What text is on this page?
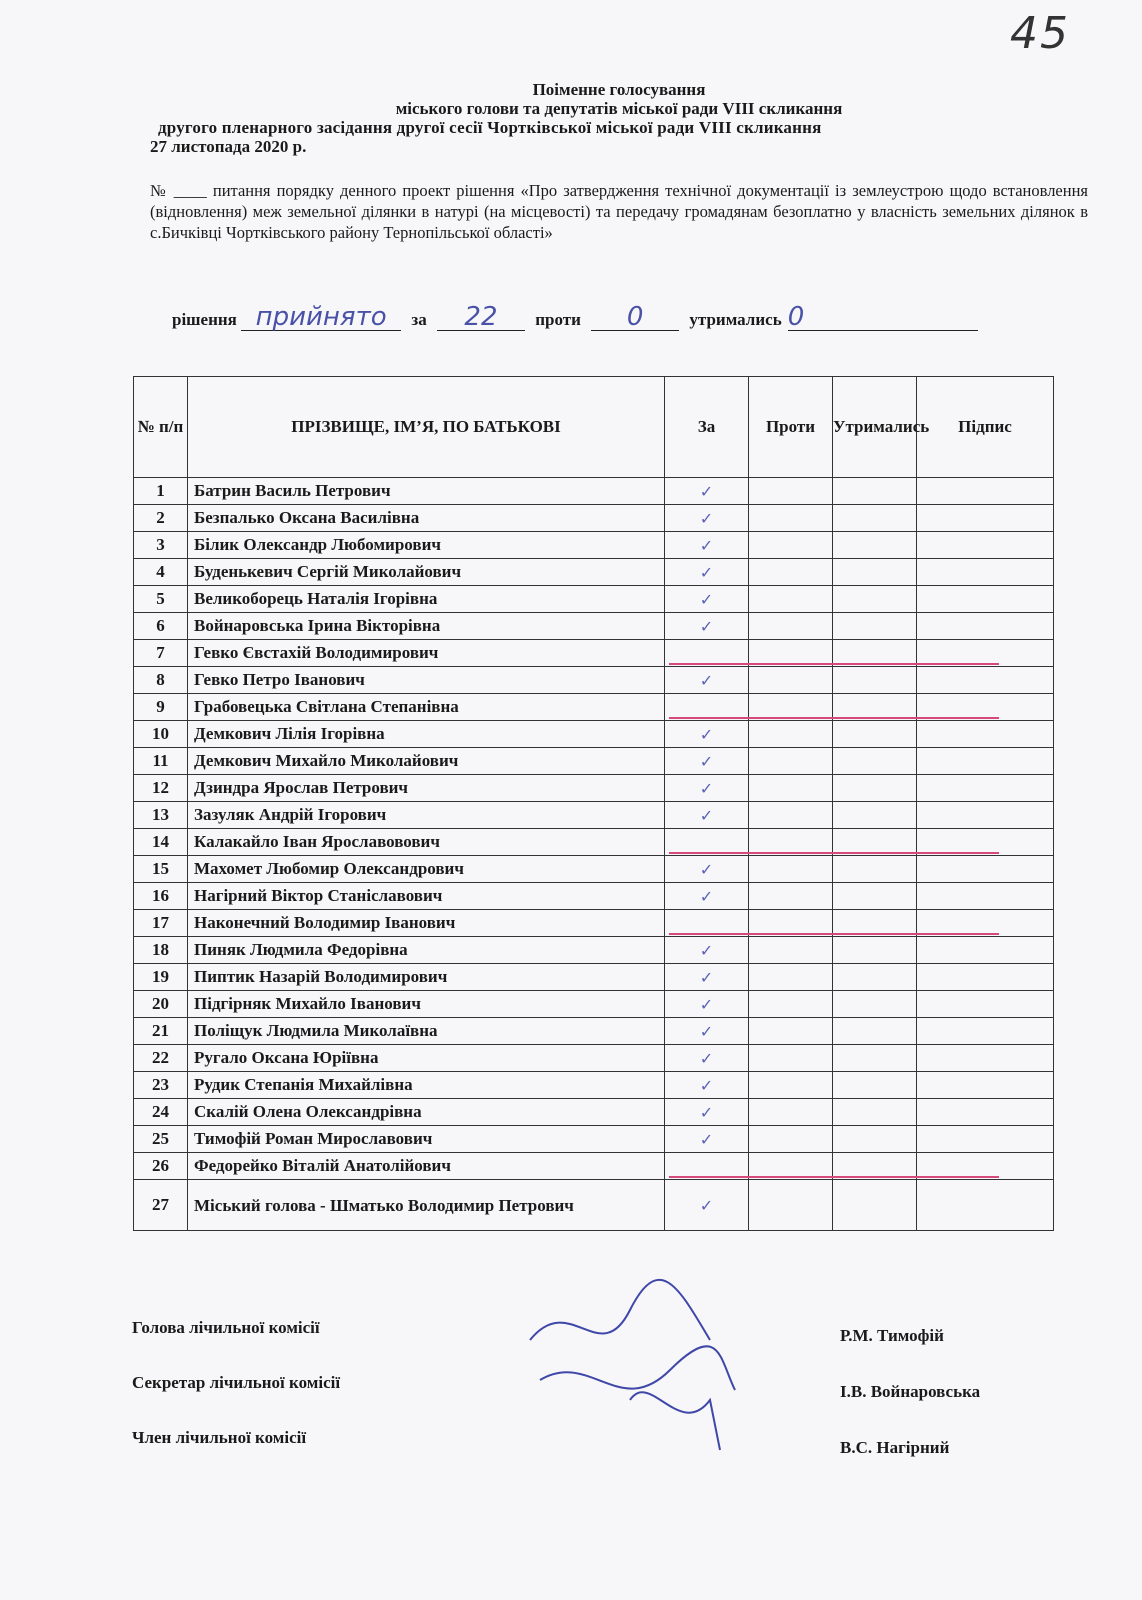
45
Поіменне голосування
міського голови та депутатів міської ради VIII скликання
другого пленарного засідання другої сесії Чортківської міської ради VIII скликання
27 листопада 2020 р.
№ ____ питання порядку денного проект рішення «Про затвердження технічної документації із землеустрою щодо встановлення (відновлення) меж земельної ділянки в натурі (на місцевості) та передачу громадянам безоплатно у власність земельних ділянок в с.Бичківці Чортківського району Тернопільської області»
рішення прийнято за 22 проти 0	утримались 0
№ п/п	ПРІЗВИЩЕ, ІМ’Я, ПО БАТЬКОВІ	За	Проти	Утримались	Підпис
1	Батрин Василь Петрович	✓			
2	Безпалько Оксана Василівна	✓			
3	Білик Олександр Любомирович	✓			
4	Буденькевич Сергій Миколайович	✓			
5	Великоборець Наталія Ігорівна	✓			
6	Войнаровська Ірина Вікторівна	✓			
7	Гевко Євстахій Володимирович				
8	Гевко Петро Іванович	✓			
9	Грабовецька Світлана Степанівна				
10	Демкович Лілія Ігорівна	✓			
11	Демкович Михайло Миколайович	✓			
12	Дзиндра Ярослав Петрович	✓			
13	Зазуляк Андрій Ігорович	✓			
14	Калакайло Іван Ярославовович				
15	Махомет Любомир Олександрович	✓			
16	Нагірний Віктор Станіславович	✓			
17	Наконечний Володимир Іванович				
18	Пиняк Людмила Федорівна	✓			
19	Пиптик Назарій Володимирович	✓			
20	Підгірняк Михайло Іванович	✓			
21	Поліщук Людмила Миколаївна	✓			
22	Ругало Оксана Юріївна	✓			
23	Рудик Степанія Михайлівна	✓			
24	Скалій Олена Олександрівна	✓			
25	Тимофій Роман Мирославович	✓			
26	Федорейко Віталій Анатолійович				
27	Міський голова - Шматько Володимир Петрович	✓			
Голова лічильної комісії
Секретар лічильної комісії
Член лічильної комісії
Р.М. Тимофій
І.В. Войнаровська
В.С. Нагірний
